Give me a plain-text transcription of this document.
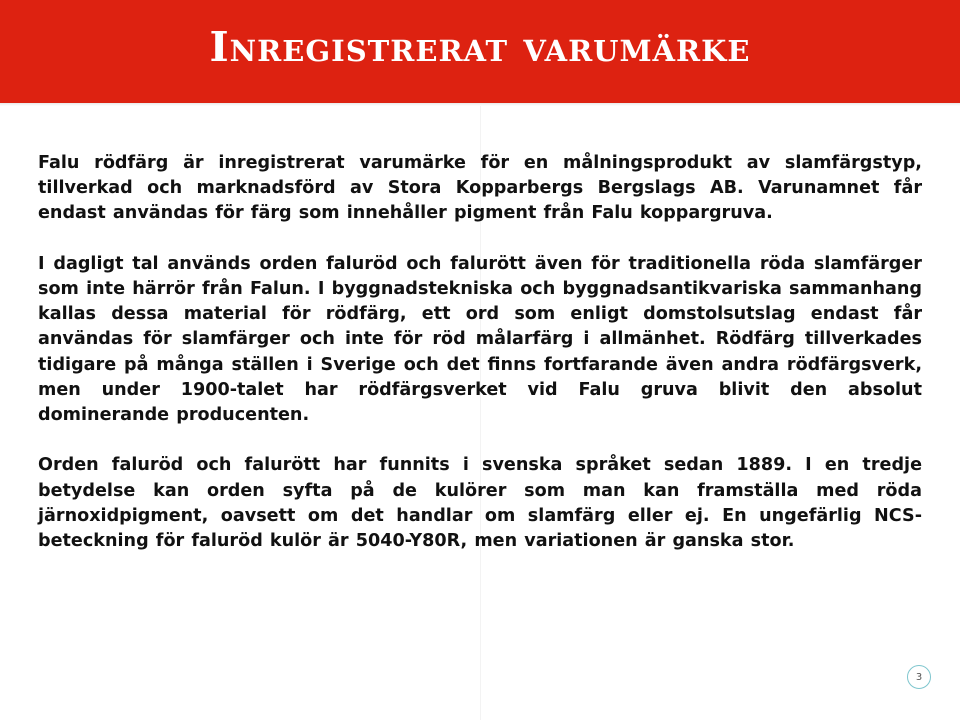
Inregistrerat varumärke

Falu rödfärg är inregistrerat varumärke för en målningsprodukt av slamfärgstyp, tillverkad och marknadsförd av Stora Kopparbergs Bergslags AB. Varunamnet får endast användas för färg som innehåller pigment från Falu koppargruva.

I dagligt tal används orden faluröd och falurött även för traditionella röda slamfärger som inte härrör från Falun. I byggnadstekniska och byggnadsantikvariska sammanhang kallas dessa material för rödfärg, ett ord som enligt domstolsutslag endast får användas för slamfärger och inte för röd målarfärg i allmänhet. Rödfärg tillverkades tidigare på många ställen i Sverige och det finns fortfarande även andra rödfärgsverk, men under 1900-talet har rödfärgsverket vid Falu gruva blivit den absolut dominerande producenten.

Orden faluröd och falurött har funnits i svenska språket sedan 1889. I en tredje betydelse kan orden syfta på de kulörer som man kan framställa med röda järnoxidpigment, oavsett om det handlar om slamfärg eller ej. En ungefärlig NCS-beteckning för faluröd kulör är 5040-Y80R, men variationen är ganska stor.

3
